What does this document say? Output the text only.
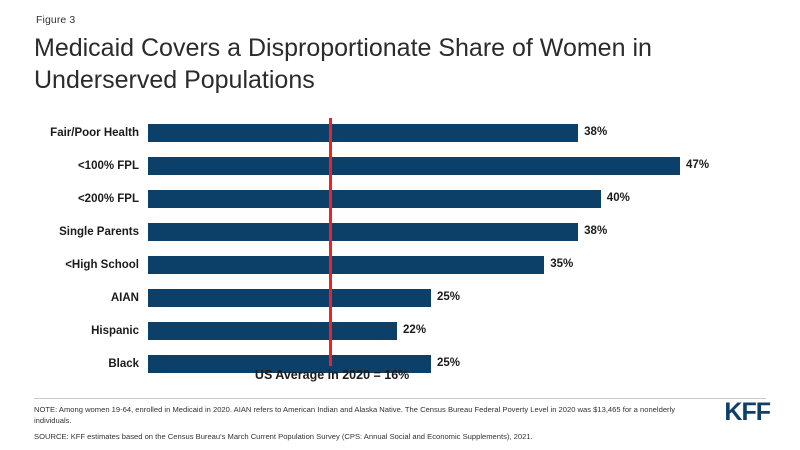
Figure 3
Medicaid Covers a Disproportionate Share of Women in Underserved Populations
Fair/Poor Health	38%
<100% FPL	47%
<200% FPL	40%
Single Parents	38%
<High School	35%
AIAN	25%
Hispanic	22%
Black	25%
US Average in 2020 = 16%
NOTE: Among women 19-64, enrolled in Medicaid in 2020. AIAN refers to American Indian and Alaska Native. The Census Bureau Federal Poverty Level in 2020 was $13,465 for a nonelderly individuals.
SOURCE: KFF estimates based on the Census Bureau's March Current Population Survey (CPS: Annual Social and Economic Supplements), 2021.
KFF
